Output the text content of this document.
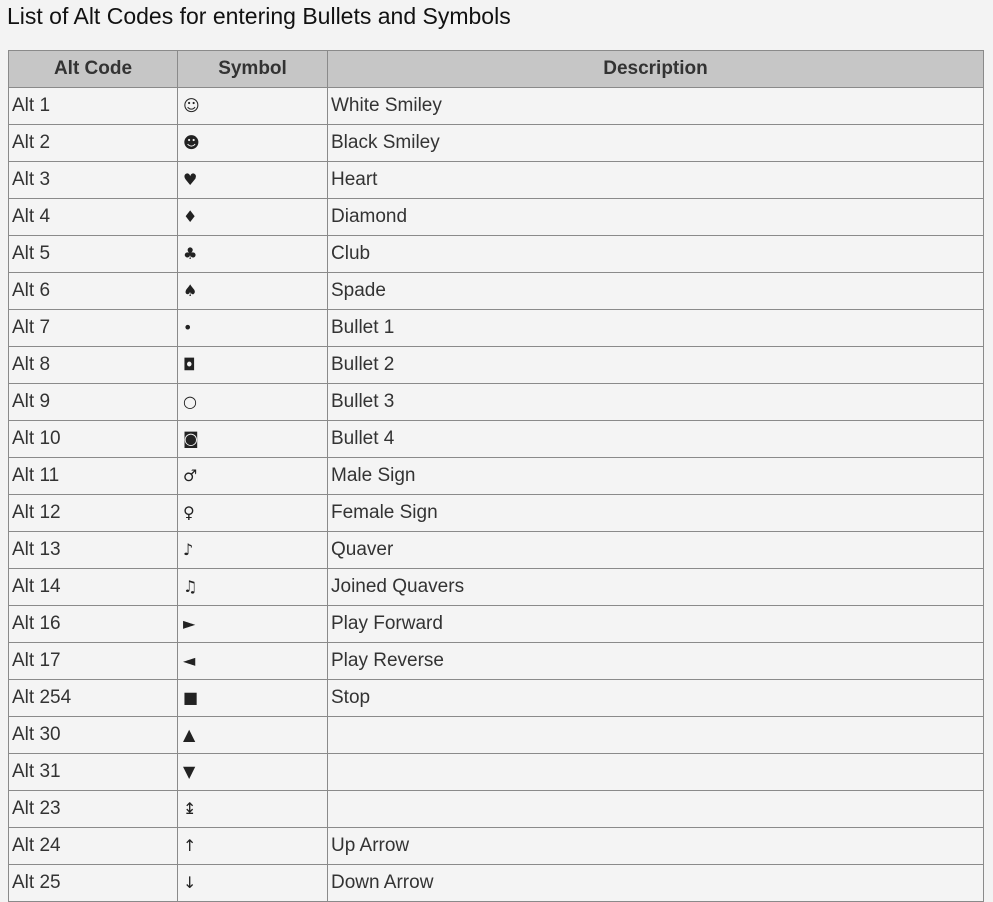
List of Alt Codes for entering Bullets and Symbols
Alt Code	Symbol	Description
Alt 1	☺	White Smiley
Alt 2	☻	Black Smiley
Alt 3	♥	Heart
Alt 4	♦	Diamond
Alt 5	♣	Club
Alt 6	♠	Spade
Alt 7	•	Bullet 1
Alt 8	◘	Bullet 2
Alt 9	○	Bullet 3
Alt 10	◙	Bullet 4
Alt 11	♂	Male Sign
Alt 12	♀	Female Sign
Alt 13	♪	Quaver
Alt 14	♫	Joined Quavers
Alt 16	►	Play Forward
Alt 17	◄	Play Reverse
Alt 254	■	Stop
Alt 30	▲	
Alt 31	▼	
Alt 23	↨	
Alt 24	↑	Up Arrow
Alt 25	↓	Down Arrow
